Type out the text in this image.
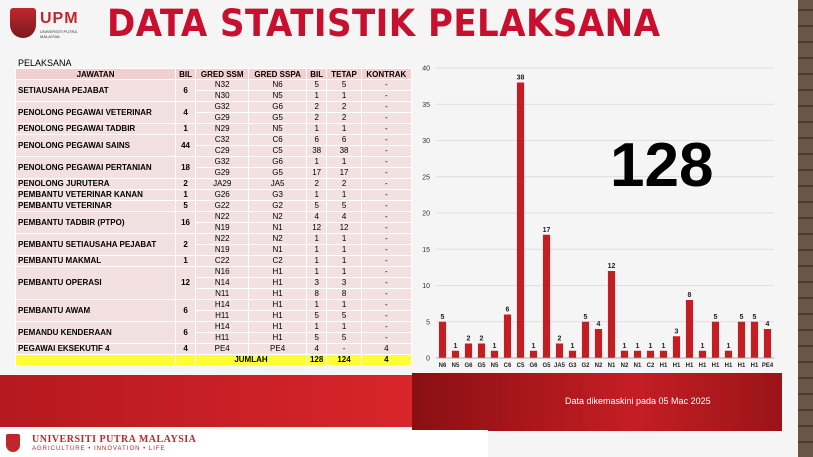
UPM
UNIVERSITI PUTRA MALAYSIA	DATA STATISTIK PELAKSANA
PELAKSANA
JAWATAN	BIL	GRED SSM	GRED SSPA	BIL	TETAP	KONTRAK
SETIAUSAHA PEJABAT	6	N32	N6	5	5	-
		N30	N5	1	1	-
PENOLONG PEGAWAI VETERINAR	4	G32	G6	2	2	-
		G29	G5	2	2	-
PENOLONG PEGAWAI TADBIR	1	N29	N5	1	1	-
PENOLONG PEGAWAI SAINS	44	C32	C6	6	6	-
		C29	C5	38	38	-
PENOLONG PEGAWAI PERTANIAN	18	G32	G6	1	1	-
		G29	G5	17	17	-
PENOLONG JURUTERA	2	JA29	JA5	2	2	-
PEMBANTU VETERINAR KANAN	1	G26	G3	1	1	-
PEMBANTU VETERINAR	5	G22	G2	5	5	-
PEMBANTU TADBIR (PTPO)	16	N22	N2	4	4	-
		N19	N1	12	12	-
PEMBANTU SETIAUSAHA PEJABAT	2	N22	N2	1	1	-
		N19	N1	1	1	-
PEMBANTU MAKMAL	1	C22	C2	1	1	-
PEMBANTU OPERASI	12	N16	H1	1	1	-
		N14	H1	3	3	-
		N11	H1	8	8	-
PEMBANTU AWAM	6	H14	H1	1	1	-
		H11	H1	5	5	-
PEMANDU KENDERAAN	6	H14	H1	1	1	-
		H11	H1	5	5	-
PEGAWAI EKSEKUTIF 4	4	PE4	PE4	4	-	4
		JUMLAH		128	124	4
Data dikemaskini pada 05 Mac 2025
0
5
10
15
20
25
30
35
40
5
N6
1
N5
2
G6
2
G5
1
N5
6
C6
38
C5
1
G6
17
G5
2
JA5
1
G3
5
G2
4
N2
12
N1
1
N2
1
N1
1
C2
1
H1
3
H1
8
H1
1
H1
5
H1
1
H1
5
H1
5
H1
4
PE4
128
UNIVERSITI PUTRA MALAYSIA
AGRICULTURE • INNOVATION • LIFE
